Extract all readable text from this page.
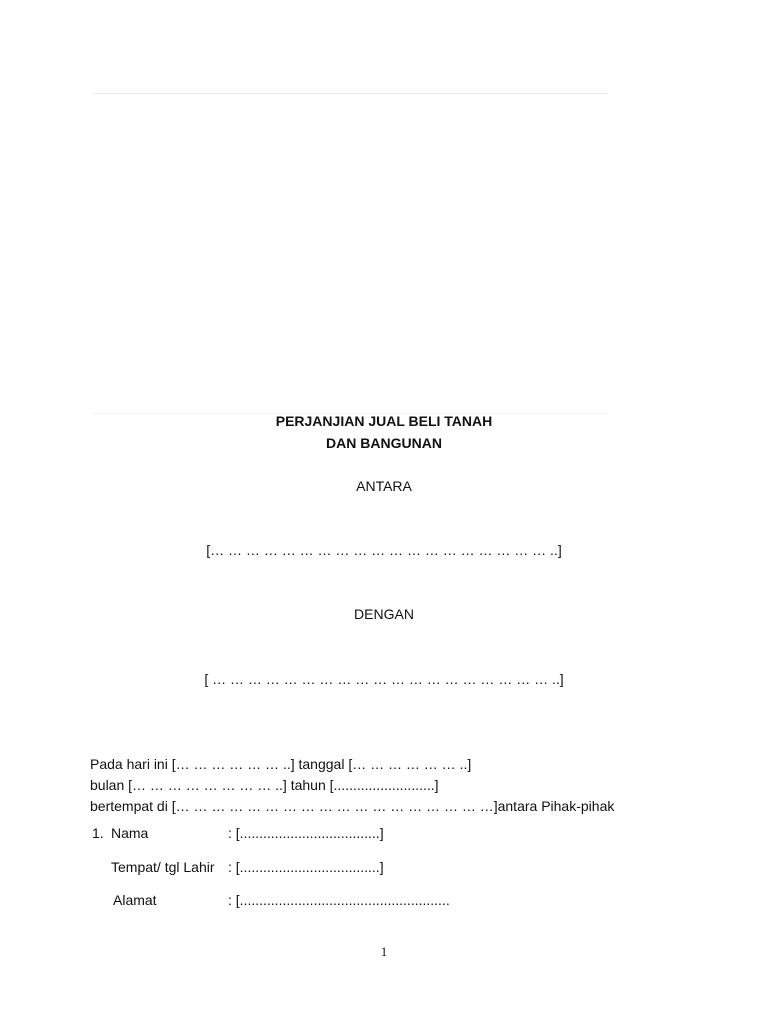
PERJANJIAN JUAL BELI TANAH
DAN BANGUNAN
ANTARA
[… … … … … … … … … … … … … … … … … … … ..]
DENGAN
[ … … … … … … … … … … … … … … … … … … … ..]
Pada hari ini [… … … … … … ..] tanggal [… … … … … … ..]
bulan [… … … … … … … … ..] tahun [..........................]
bertempat di [… … … … … … … … … … … … … … … … … …]antara Pihak-pihak
1. Nama	: [....................................]
Tempat/ tgl Lahir : [....................................]
Alamat	: [......................................................
1
